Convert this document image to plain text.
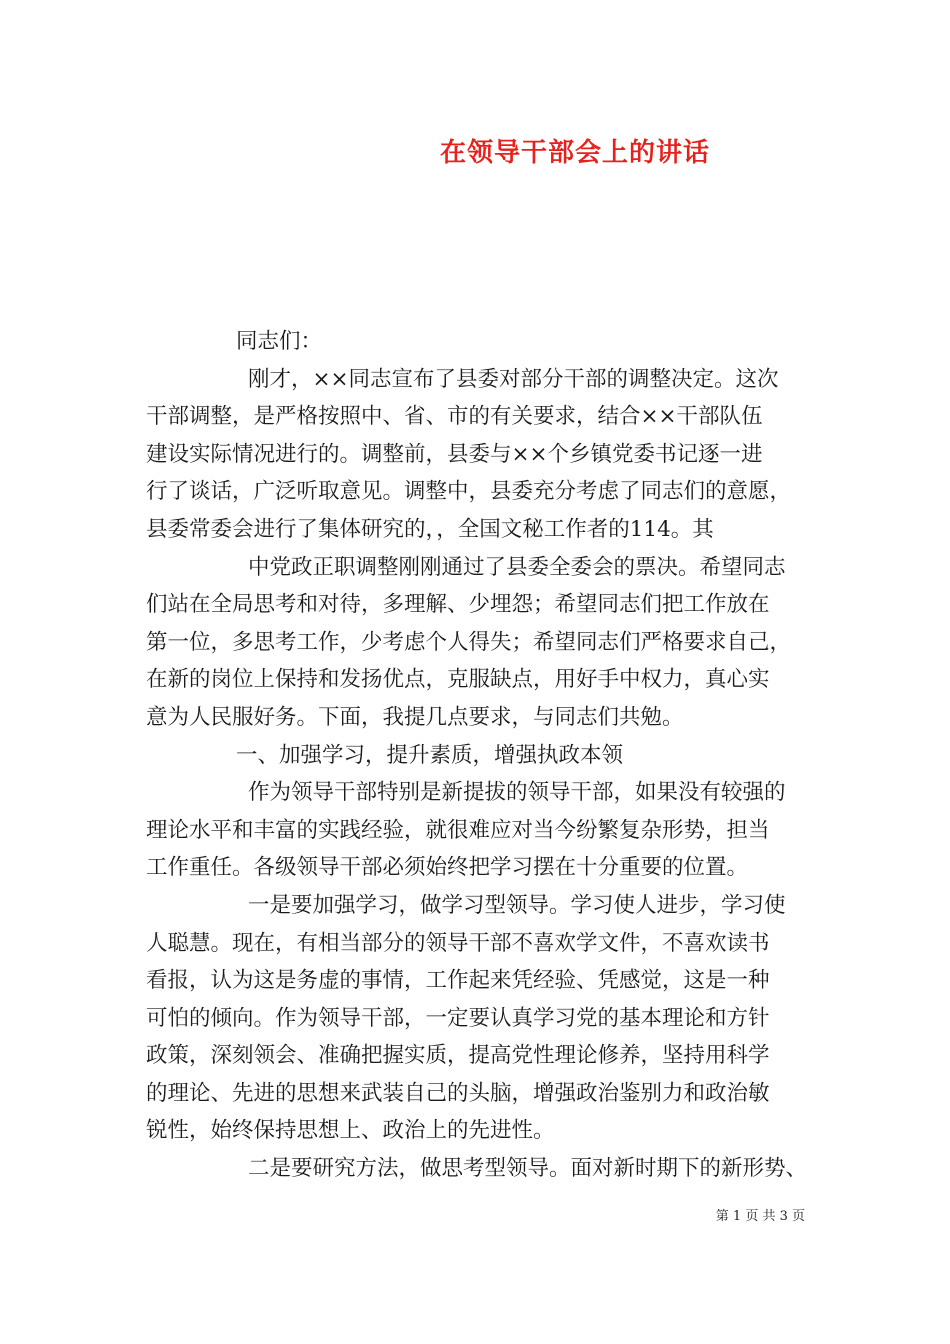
在领导干部会上的讲话
同志们：
刚才，××同志宣布了县委对部分干部的调整决定。这次
干部调整，是严格按照中、省、市的有关要求，结合××干部队伍
建设实际情况进行的。调整前，县委与××个乡镇党委书记逐一进
行了谈话，广泛听取意见。调整中，县委充分考虑了同志们的意愿，
县委常委会进行了集体研究的，，全国文秘工作者的114。其
中党政正职调整刚刚通过了县委全委会的票决。希望同志
们站在全局思考和对待，多理解、少埋怨；希望同志们把工作放在
第一位，多思考工作，少考虑个人得失；希望同志们严格要求自己，
在新的岗位上保持和发扬优点，克服缺点，用好手中权力，真心实
意为人民服好务。下面，我提几点要求，与同志们共勉。
一、加强学习，提升素质，增强执政本领
作为领导干部特别是新提拔的领导干部，如果没有较强的
理论水平和丰富的实践经验，就很难应对当今纷繁复杂形势，担当
工作重任。各级领导干部必须始终把学习摆在十分重要的位置。
一是要加强学习，做学习型领导。学习使人进步，学习使
人聪慧。现在，有相当部分的领导干部不喜欢学文件，不喜欢读书
看报，认为这是务虚的事情，工作起来凭经验、凭感觉，这是一种
可怕的倾向。作为领导干部，一定要认真学习党的基本理论和方针
政策，深刻领会、准确把握实质，提高党性理论修养，坚持用科学
的理论、先进的思想来武装自己的头脑，增强政治鉴别力和政治敏
锐性，始终保持思想上、政治上的先进性。
二是要研究方法，做思考型领导。面对新时期下的新形势、
第 1 页 共 3 页
